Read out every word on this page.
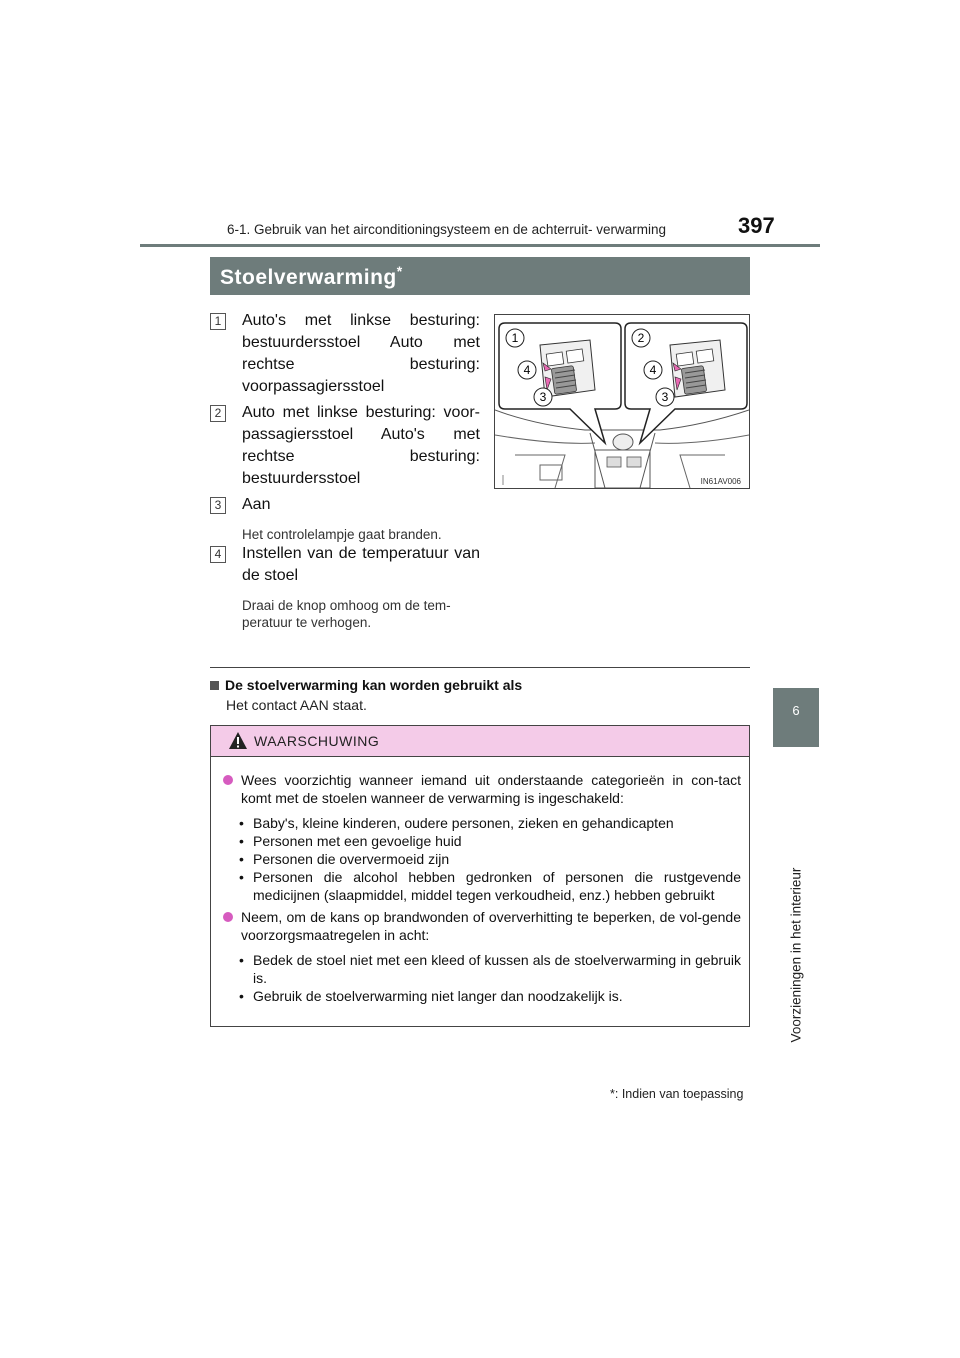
6-1. Gebruik van het airconditioningsysteem en de achterruit- verwarming	397
6
Voorzieningen in het interieur
Stoelverwarming*
1 Auto's met linkse besturing: bestuurdersstoel Auto met rechtse besturing: voorpassagiersstoel
2 Auto met linkse besturing: voor-passagiersstoel Auto's met rechtse besturing: bestuurdersstoel
3 Aan
Het controlelampje gaat branden.
4 Instellen van de temperatuur van de stoel
Draai de knop omhoog om de tem-peratuur te verhogen.
1
4
3
2
4
3
IN61AV006
De stoelverwarming kan worden gebruikt als
Het contact AAN staat.
WAARSCHUWING
Wees voorzichtig wanneer iemand uit onderstaande categorieën in con-tact komt met de stoelen wanneer de verwarming is ingeschakeld:
• Baby's, kleine kinderen, oudere personen, zieken en gehandicapten
• Personen met een gevoelige huid
• Personen die oververmoeid zijn
• Personen die alcohol hebben gedronken of personen die rustgevende medicijnen (slaapmiddel, middel tegen verkoudheid, enz.) hebben gebruikt
Neem, om de kans op brandwonden of oververhitting te beperken, de vol-gende voorzorgsmaatregelen in acht:
• Bedek de stoel niet met een kleed of kussen als de stoelverwarming in gebruik is.
• Gebruik de stoelverwarming niet langer dan noodzakelijk is.
*: Indien van toepassing
